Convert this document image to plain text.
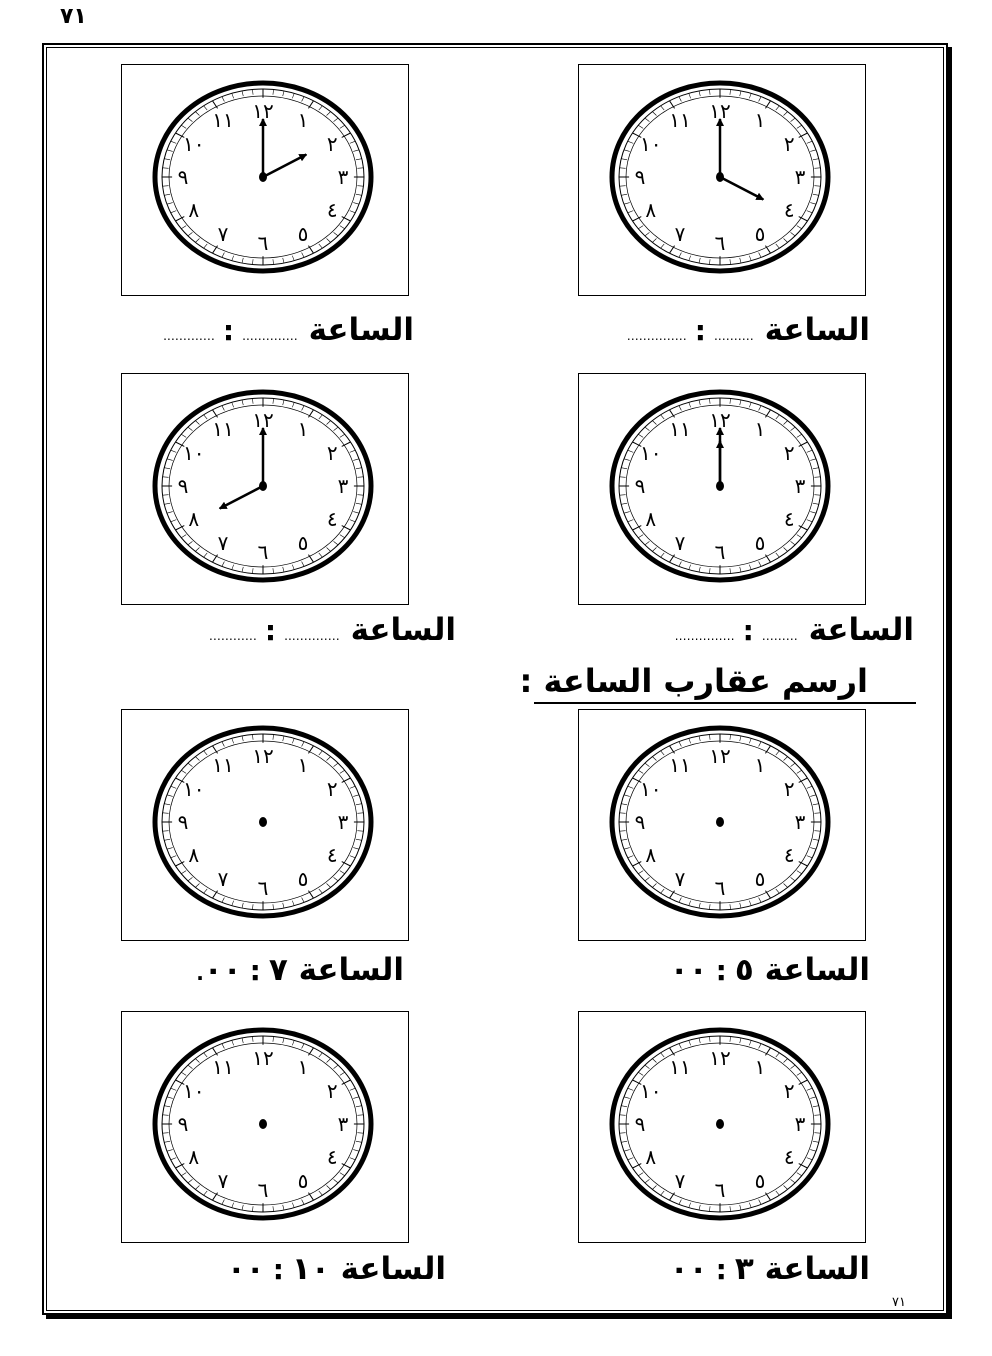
٧١
١٢ ١
٢
٣
٤
٥
٦
٧
٨
٩
١٠
١١
١٢ ١
٢
٣
٤
٥
٦
٧
٨
٩
١٠
١١
الساعة ……….:……………
الساعة …………..:………….
١٢ ١
٢
٣
٤
٥
٦
٧
٨
٩
١٠
١١
١٢ ١
٢
٣
٤
٥
٦
٧
٨
٩
١٠
١١
الساعة ………:……………
الساعة …………..:…………
ارسم عقارب الساعة :
١٢ ١
٢
٣
٤
٥
٦
٧
٨
٩
١٠
١١
١٢ ١
٢
٣
٤
٥
٦
٧
٨
٩
١٠
١١
الساعة ٠٠ : ٥
الساعة ٠٠ : ٧.
١٢ ١
٢
٣
٤
٥
٦
٧
٨
٩
١٠
١١
١٢ ١
٢
٣
٤
٥
٦
٧
٨
٩
١٠
١١
الساعة ٠٠ : ٣
الساعة ٠٠ : ١٠
٧١
